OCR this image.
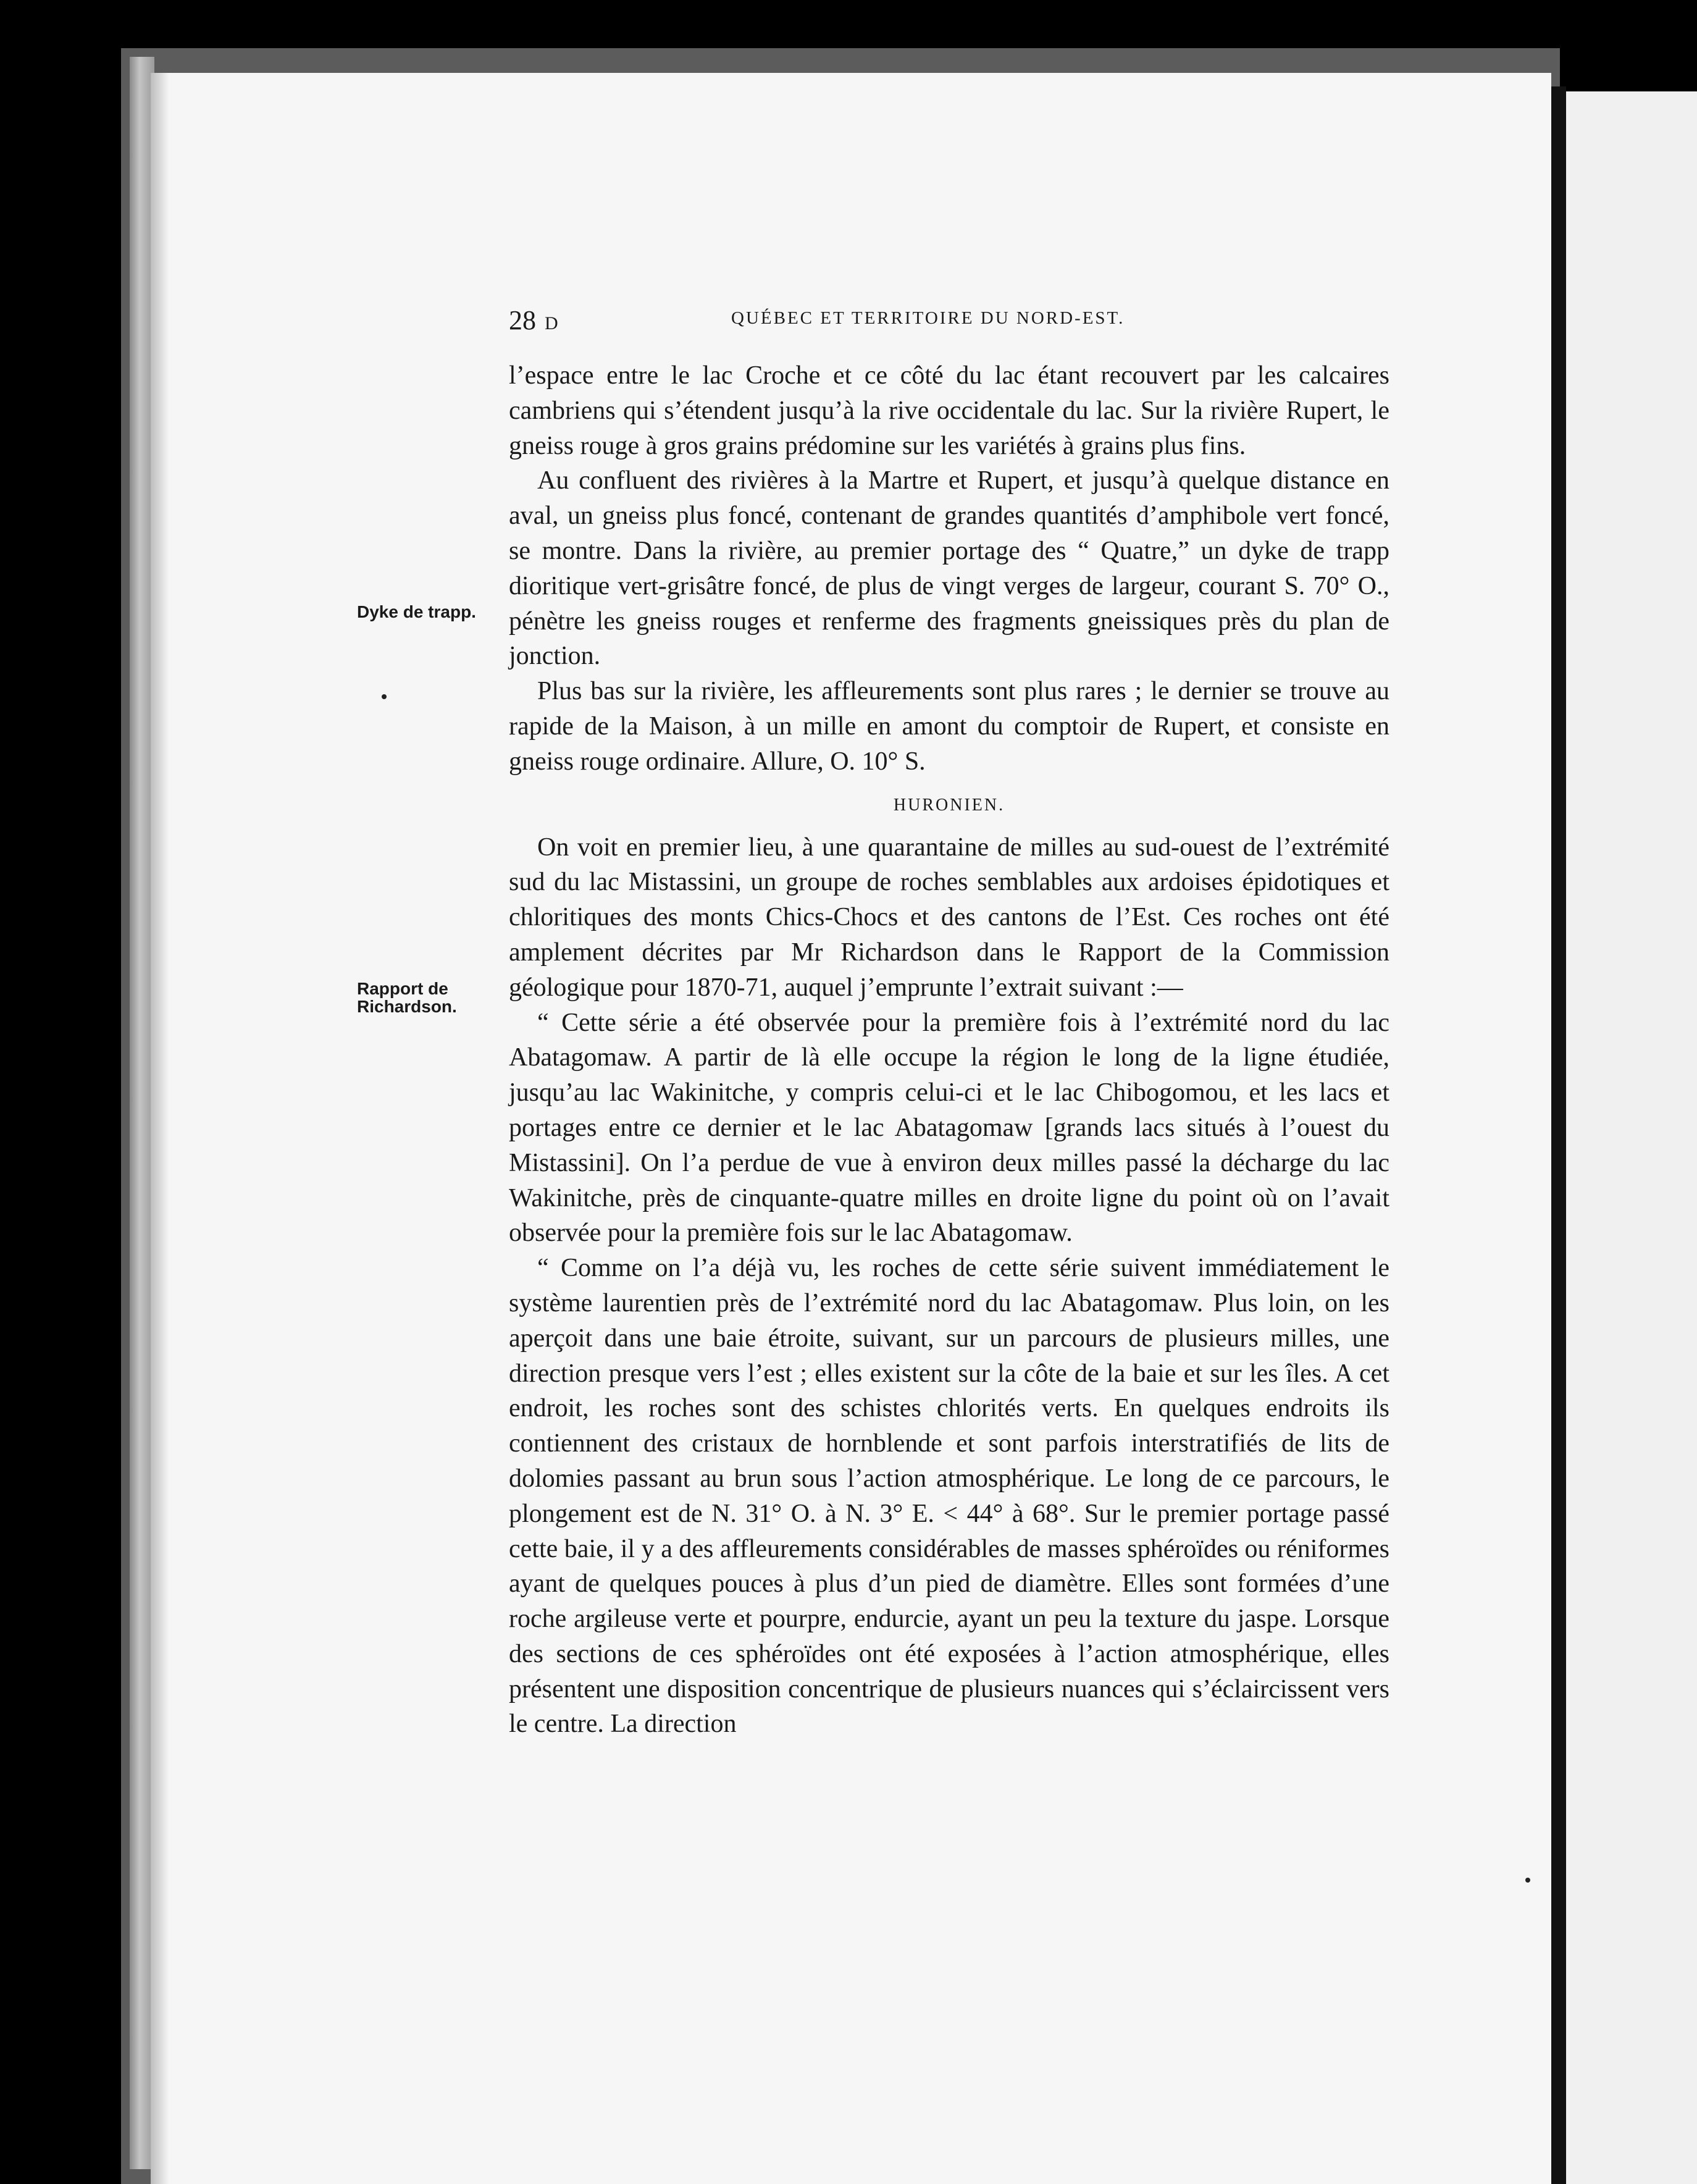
28 D	QUÉBEC ET TERRITOIRE DU NORD-EST.
Dyke de trapp.
Rapport de
Richardson.

l’espace entre le lac Croche et ce côté du lac étant recouvert par les calcaires cambriens qui s’étendent jusqu’à la rive occidentale du lac. Sur la rivière Rupert, le gneiss rouge à gros grains prédomine sur les variétés à grains plus fins.

Au confluent des rivières à la Martre et Rupert, et jusqu’à quelque distance en aval, un gneiss plus foncé, contenant de grandes quantités d’amphibole vert foncé, se montre. Dans la rivière, au premier portage des “ Quatre,” un dyke de trapp dioritique vert-grisâtre foncé, de plus de vingt verges de largeur, courant S. 70° O., pénètre les gneiss rouges et renferme des fragments gneissiques près du plan de jonction.

Plus bas sur la rivière, les affleurements sont plus rares ; le dernier se trouve au rapide de la Maison, à un mille en amont du comptoir de Rupert, et consiste en gneiss rouge ordinaire. Allure, O. 10° S.

HURONIEN.

On voit en premier lieu, à une quarantaine de milles au sud-ouest de l’extrémité sud du lac Mistassini, un groupe de roches semblables aux ardoises épidotiques et chloritiques des monts Chics-Chocs et des cantons de l’Est. Ces roches ont été amplement décrites par Mr Richardson dans le Rapport de la Commission géologique pour 1870-71, auquel j’emprunte l’extrait suivant :—

“ Cette série a été observée pour la première fois à l’extrémité nord du lac Abatagomaw. A partir de là elle occupe la région le long de la ligne étudiée, jusqu’au lac Wakinitche, y compris celui-ci et le lac Chibogomou, et les lacs et portages entre ce dernier et le lac Abatagomaw [grands lacs situés à l’ouest du Mistassini]. On l’a perdue de vue à environ deux milles passé la décharge du lac Wakinitche, près de cinquante-quatre milles en droite ligne du point où on l’avait observée pour la première fois sur le lac Abatagomaw.

“ Comme on l’a déjà vu, les roches de cette série suivent immédiatement le système laurentien près de l’extrémité nord du lac Abatagomaw. Plus loin, on les aperçoit dans une baie étroite, suivant, sur un parcours de plusieurs milles, une direction presque vers l’est ; elles existent sur la côte de la baie et sur les îles. A cet endroit, les roches sont des schistes chlorités verts. En quelques endroits ils contiennent des cristaux de hornblende et sont parfois interstratifiés de lits de dolomies passant au brun sous l’action atmosphérique. Le long de ce parcours, le plongement est de N. 31° O. à N. 3° E. < 44° à 68°. Sur le premier portage passé cette baie, il y a des affleurements considérables de masses sphéroïdes ou réniformes ayant de quelques pouces à plus d’un pied de diamètre. Elles sont formées d’une roche argileuse verte et pourpre, endurcie, ayant un peu la texture du jaspe. Lorsque des sections de ces sphéroïdes ont été exposées à l’action atmosphérique, elles présentent une disposition concentrique de plusieurs nuances qui s’éclaircissent vers le centre. La direction
